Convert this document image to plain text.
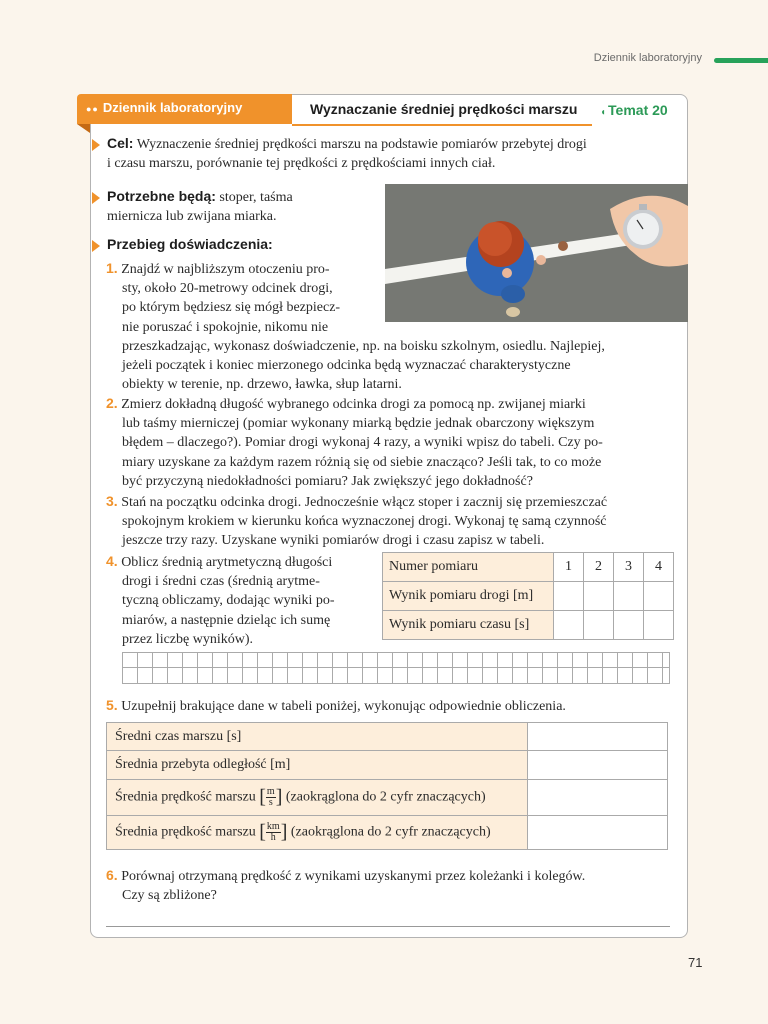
Dziennik laboratoryjny
●● Dziennik laboratoryjny	Wyznaczanie średniej prędkości marszu ◖ Temat 20

Cel: Wyznaczenie średniej prędkości marszu na podstawie pomiarów przebytej drogi
i czasu marszu, porównanie tej prędkości z prędkościami innych ciał.

Potrzebne będą: stoper, taśma
miernicza lub zwijana miarka.

Przebieg doświadczenia:

1. Znajdź w najbliższym otoczeniu pro-
sty, około 20-metrowy odcinek drogi,
po którym będziesz się mógł bezpiecz-
nie poruszać i spokojnie, nikomu nie
przeszkadzając, wykonasz doświadczenie, np. na boisku szkolnym, osiedlu. Najlepiej,
jeżeli początek i koniec mierzonego odcinka będą wyznaczać charakterystyczne
obiekty w terenie, np. drzewo, ławka, słup latarni.

2. Zmierz dokładną długość wybranego odcinka drogi za pomocą np. zwijanej miarki
lub taśmy mierniczej (pomiar wykonany miarką będzie jednak obarczony większym
błędem – dlaczego?). Pomiar drogi wykonaj 4 razy, a wyniki wpisz do tabeli. Czy po-
miary uzyskane za każdym razem różnią się od siebie znacząco? Jeśli tak, to co może
być przyczyną niedokładności pomiaru? Jak zwiększyć jego dokładność?

3. Stań na początku odcinka drogi. Jednocześnie włącz stoper i zacznij się przemieszczać
spokojnym krokiem w kierunku końca wyznaczonej drogi. Wykonaj tę samą czynność
jeszcze trzy razy. Uzyskane wyniki pomiarów drogi i czasu zapisz w tabeli.

4. Oblicz średnią arytmetyczną długości
drogi i średni czas (średnią arytme-
tyczną obliczamy, dodając wyniki po-
miarów, a następnie dzieląc ich sumę
przez liczbę wyników).

Numer pomiaru	1	2	3	4
Wynik pomiaru drogi [m]				
Wynik pomiaru czasu [s]				

5. Uzupełnij brakujące dane w tabeli poniżej, wykonując odpowiednie obliczenia.

Średni czas marszu [s]	
Średnia przebyta odległość [m]	
Średnia prędkość marszu [ $\frac{m}{s}$ ] (zaokrąglona do 2 cyfr znaczących)	
Średnia prędkość marszu [ $\frac{km}{h}$ ] (zaokrąglona do 2 cyfr znaczących)	

6. Porównaj otrzymaną prędkość z wynikami uzyskanymi przez koleżanki i kolegów.
Czy są zbliżone?

71
